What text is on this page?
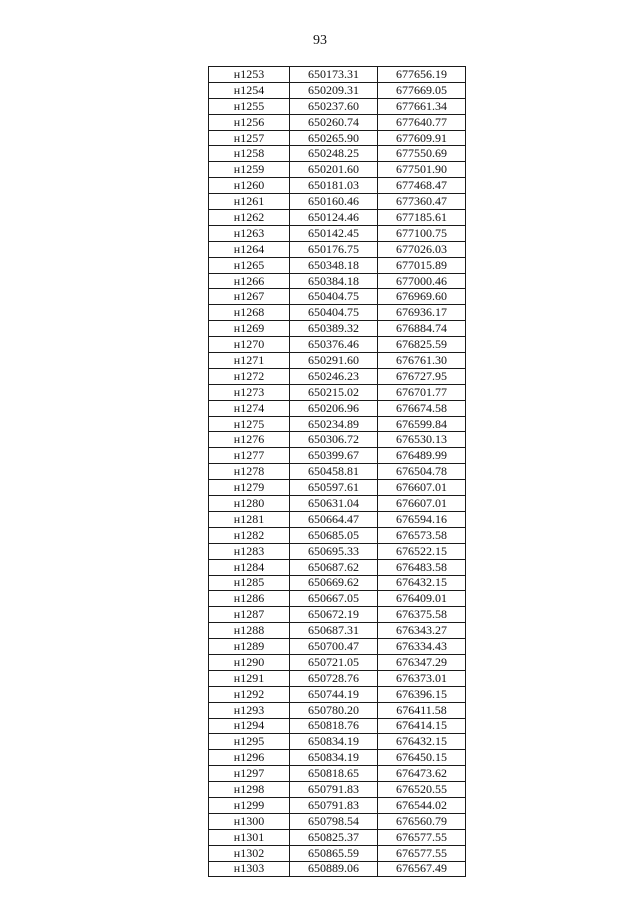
93
н1253	650173.31	677656.19
н1254	650209.31	677669.05
н1255	650237.60	677661.34
н1256	650260.74	677640.77
н1257	650265.90	677609.91
н1258	650248.25	677550.69
н1259	650201.60	677501.90
н1260	650181.03	677468.47
н1261	650160.46	677360.47
н1262	650124.46	677185.61
н1263	650142.45	677100.75
н1264	650176.75	677026.03
н1265	650348.18	677015.89
н1266	650384.18	677000.46
н1267	650404.75	676969.60
н1268	650404.75	676936.17
н1269	650389.32	676884.74
н1270	650376.46	676825.59
н1271	650291.60	676761.30
н1272	650246.23	676727.95
н1273	650215.02	676701.77
н1274	650206.96	676674.58
н1275	650234.89	676599.84
н1276	650306.72	676530.13
н1277	650399.67	676489.99
н1278	650458.81	676504.78
н1279	650597.61	676607.01
н1280	650631.04	676607.01
н1281	650664.47	676594.16
н1282	650685.05	676573.58
н1283	650695.33	676522.15
н1284	650687.62	676483.58
н1285	650669.62	676432.15
н1286	650667.05	676409.01
н1287	650672.19	676375.58
н1288	650687.31	676343.27
н1289	650700.47	676334.43
н1290	650721.05	676347.29
н1291	650728.76	676373.01
н1292	650744.19	676396.15
н1293	650780.20	676411.58
н1294	650818.76	676414.15
н1295	650834.19	676432.15
н1296	650834.19	676450.15
н1297	650818.65	676473.62
н1298	650791.83	676520.55
н1299	650791.83	676544.02
н1300	650798.54	676560.79
н1301	650825.37	676577.55
н1302	650865.59	676577.55
н1303	650889.06	676567.49
